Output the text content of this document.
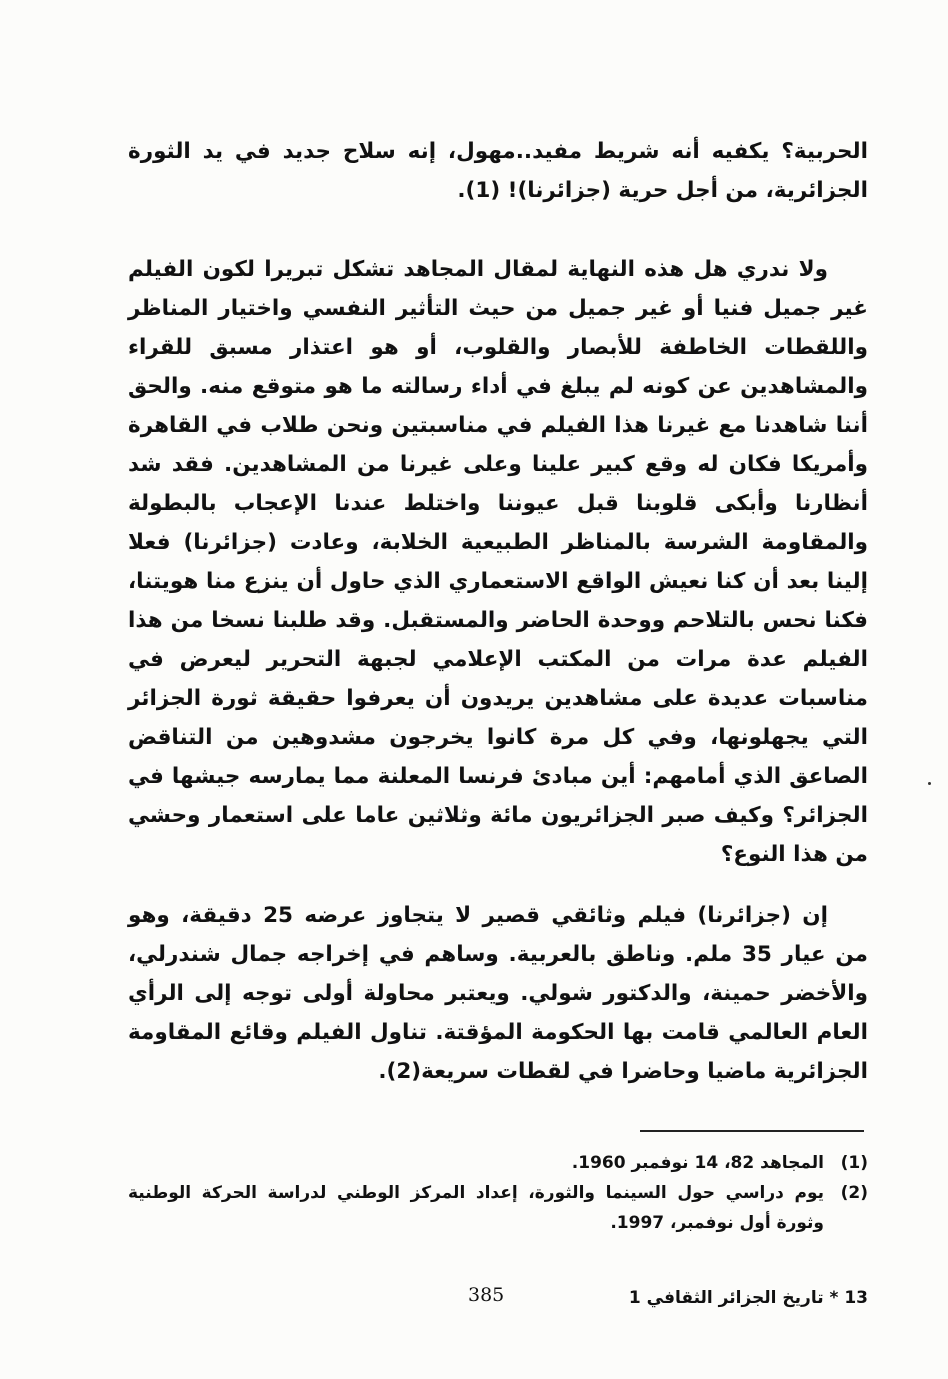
الحربية؟ يكفيه أنه شريط مفيد..مهول، إنه سلاح جديد في يد الثورة الجزائرية، من أجل حرية (جزائرنا)! (1).

ولا ندري هل هذه النهاية لمقال المجاهد تشكل تبريرا لكون الفيلم غير جميل فنيا أو غير جميل من حيث التأثير النفسي واختيار المناظر واللقطات الخاطفة للأبصار والقلوب، أو هو اعتذار مسبق للقراء والمشاهدين عن كونه لم يبلغ في أداء رسالته ما هو متوقع منه. والحق أننا شاهدنا مع غيرنا هذا الفيلم في مناسبتين ونحن طلاب في القاهرة وأمريكا فكان له وقع كبير علينا وعلى غيرنا من المشاهدين. فقد شد أنظارنا وأبكى قلوبنا قبل عيوننا واختلط عندنا الإعجاب بالبطولة والمقاومة الشرسة بالمناظر الطبيعية الخلابة، وعادت (جزائرنا) فعلا إلينا بعد أن كنا نعيش الواقع الاستعماري الذي حاول أن ينزع منا هويتنا، فكنا نحس بالتلاحم ووحدة الحاضر والمستقبل. وقد طلبنا نسخا من هذا الفيلم عدة مرات من المكتب الإعلامي لجبهة التحرير ليعرض في مناسبات عديدة على مشاهدين يريدون أن يعرفوا حقيقة ثورة الجزائر التي يجهلونها، وفي كل مرة كانوا يخرجون مشدوهين من التناقض الصاعق الذي أمامهم: أين مبادئ فرنسا المعلنة مما يمارسه جيشها في الجزائر؟ وكيف صبر الجزائريون مائة وثلاثين عاما على استعمار وحشي من هذا النوع؟

إن (جزائرنا) فيلم وثائقي قصير لا يتجاوز عرضه 25 دقيقة، وهو من عيار 35 ملم. وناطق بالعربية. وساهم في إخراجه جمال شندرلي، والأخضر حمينة، والدكتور شولي. ويعتبر محاولة أولى توجه إلى الرأي العام العالمي قامت بها الحكومة المؤقتة. تناول الفيلم وقائع المقاومة الجزائرية ماضيا وحاضرا في لقطات سريعة(2).

(1)
المجاهد 82، 14 نوفمبر 1960.
(2)
يوم دراسي حول السينما والثورة، إعداد المركز الوطني لدراسة الحركة الوطنية وثورة أول نوفمبر، 1997.
13 * تاريخ الجزائر الثقافي 1
385
